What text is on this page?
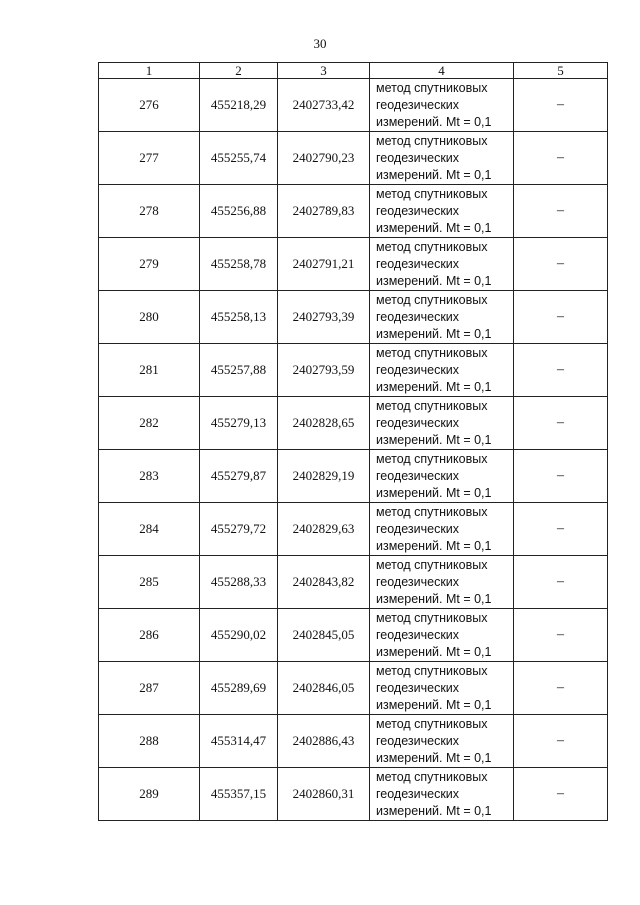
30
1	2	3	4	5
276	455218,29	2402733,42	метод спутниковых
геодезических
измерений. Mt = 0,1	–
277	455255,74	2402790,23	метод спутниковых
геодезических
измерений. Mt = 0,1	–
278	455256,88	2402789,83	метод спутниковых
геодезических
измерений. Mt = 0,1	–
279	455258,78	2402791,21	метод спутниковых
геодезических
измерений. Mt = 0,1	–
280	455258,13	2402793,39	метод спутниковых
геодезических
измерений. Mt = 0,1	–
281	455257,88	2402793,59	метод спутниковых
геодезических
измерений. Mt = 0,1	–
282	455279,13	2402828,65	метод спутниковых
геодезических
измерений. Mt = 0,1	–
283	455279,87	2402829,19	метод спутниковых
геодезических
измерений. Mt = 0,1	–
284	455279,72	2402829,63	метод спутниковых
геодезических
измерений. Mt = 0,1	–
285	455288,33	2402843,82	метод спутниковых
геодезических
измерений. Mt = 0,1	–
286	455290,02	2402845,05	метод спутниковых
геодезических
измерений. Mt = 0,1	–
287	455289,69	2402846,05	метод спутниковых
геодезических
измерений. Mt = 0,1	–
288	455314,47	2402886,43	метод спутниковых
геодезических
измерений. Mt = 0,1	–
289	455357,15	2402860,31	метод спутниковых
геодезических
измерений. Mt = 0,1	–
